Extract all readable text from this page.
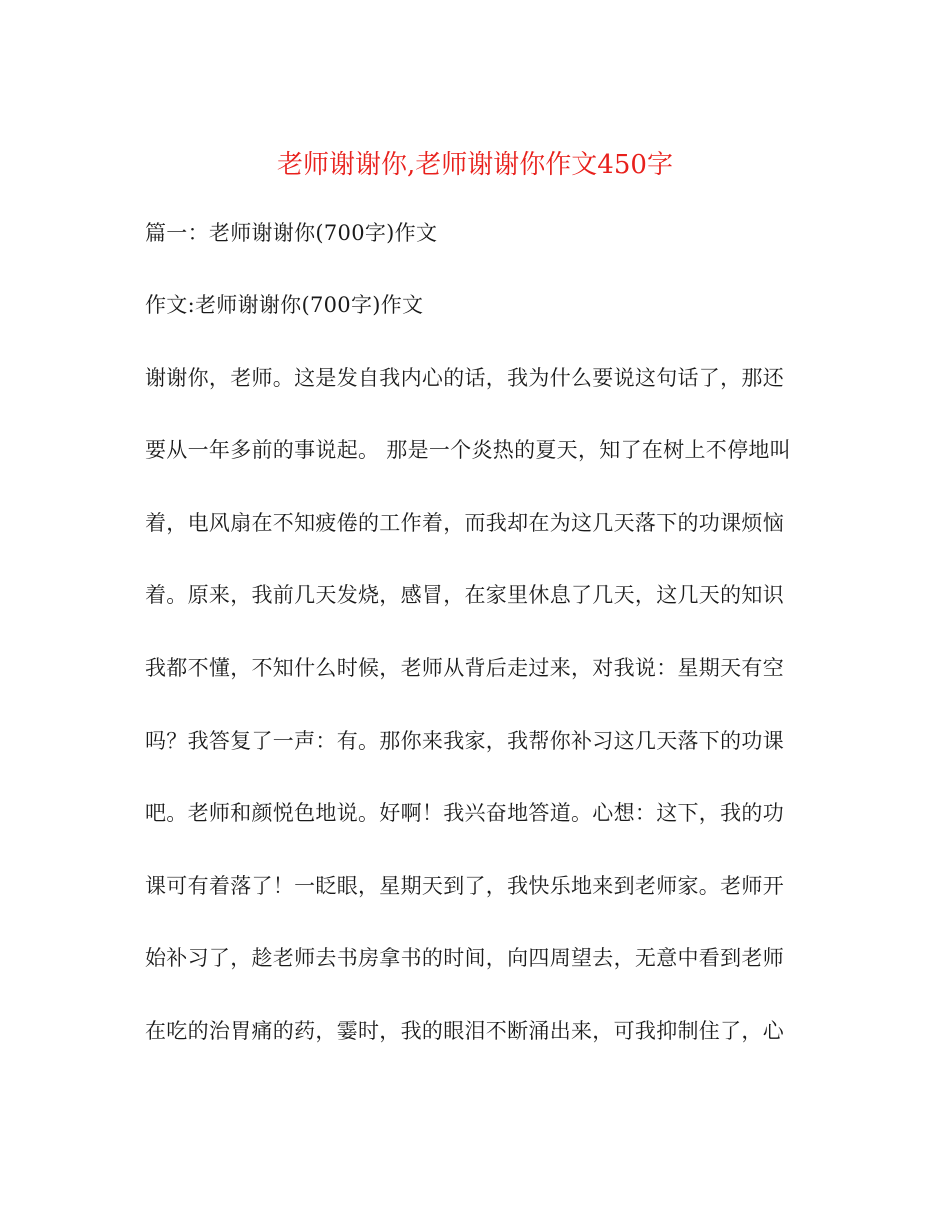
老师谢谢你,老师谢谢你作文450字
篇一：老师谢谢你(700字)作文
作文:老师谢谢你(700字)作文
谢谢你，老师。这是发自我内心的话，我为什么要说这句话了，那还
要从一年多前的事说起。 那是一个炎热的夏天，知了在树上不停地叫
着，电风扇在不知疲倦的工作着，而我却在为这几天落下的功课烦恼
着。原来，我前几天发烧，感冒，在家里休息了几天，这几天的知识
我都不懂，不知什么时候，老师从背后走过来，对我说：星期天有空
吗？我答复了一声：有。那你来我家，我帮你补习这几天落下的功课
吧。老师和颜悦色地说。好啊！我兴奋地答道。心想：这下，我的功
课可有着落了！一眨眼，星期天到了，我快乐地来到老师家。老师开
始补习了，趁老师去书房拿书的时间，向四周望去，无意中看到老师
在吃的治胃痛的药，霎时，我的眼泪不断涌出来，可我抑制住了，心
